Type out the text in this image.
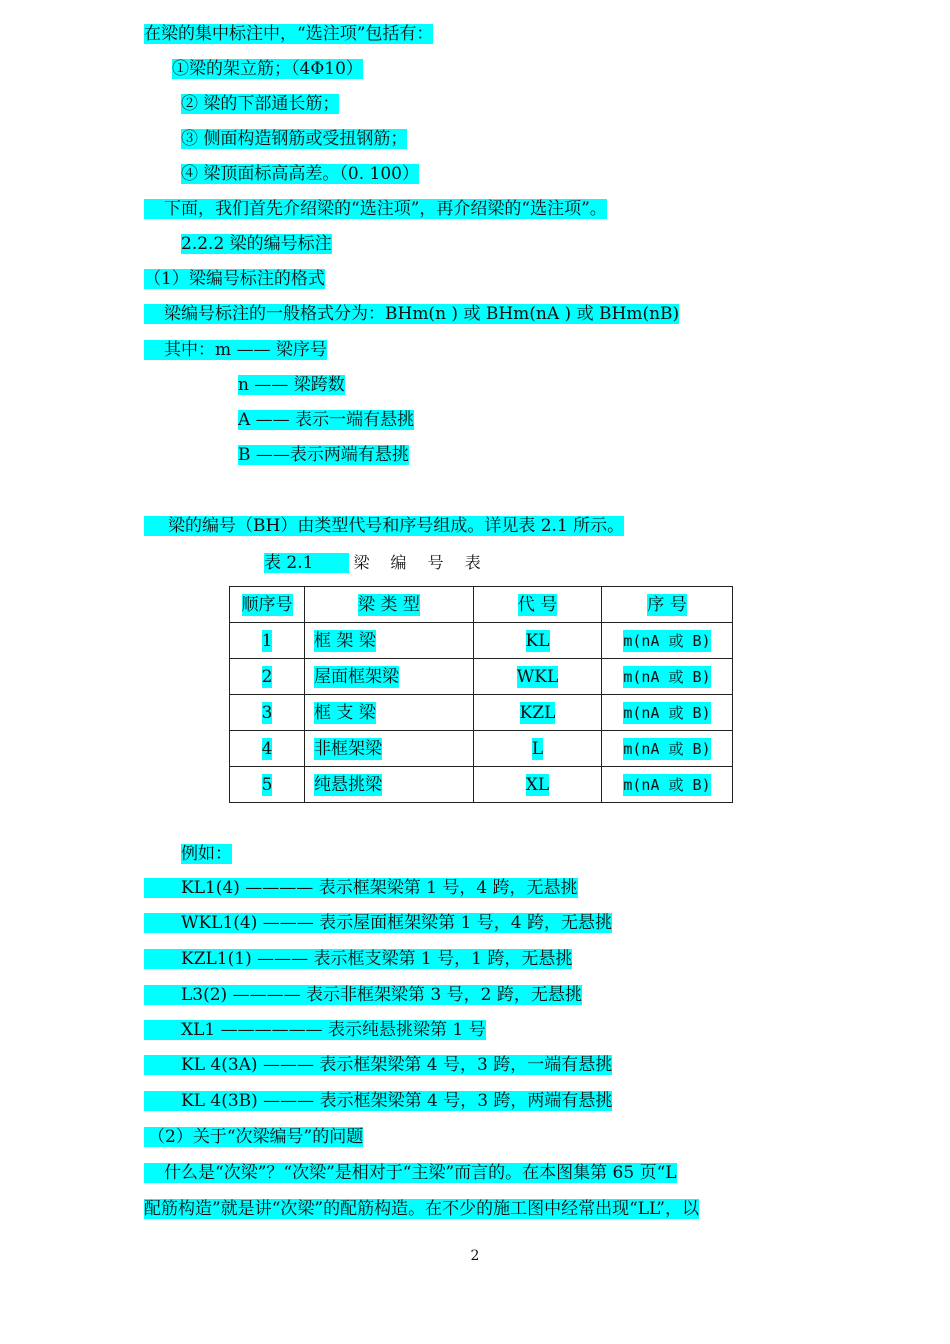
在梁的集中标注中，“选注项”包括有：
①梁的架立筋；（4Φ10）
② 梁的下部通长筋；
③ 侧面构造钢筋或受扭钢筋；
④ 梁顶面标高高差。（0. 100）
下面，我们首先介绍梁的“选注项”，再介绍梁的“选注项”。
2.2.2 梁的编号标注
（1）梁编号标注的格式
梁编号标注的一般格式分为：BHm(n ) 或 BHm(nA ) 或 BHm(nB)
其中：m —— 梁序号
n —— 梁跨数
A —— 表示一端有悬挑
B ——表示两端有悬挑
梁的编号（BH）由类型代号和序号组成。详见表 2.1 所示。
表 2.1	梁 编 号 表
顺序号	梁 类 型	代 号	序 号
1	框 架 梁	KL	m(nA 或 B)
2	屋面框架梁	WKL	m(nA 或 B)
3	框 支 梁	KZL	m(nA 或 B)
4	非框架梁	L	m(nA 或 B)
5	纯悬挑梁	XL	m(nA 或 B)
例如：
KL1(4) ———— 表示框架梁第 1 号，4 跨，无悬挑
WKL1(4) ——— 表示屋面框架梁第 1 号，4 跨，无悬挑
KZL1(1) ——— 表示框支梁第 1 号，1 跨，无悬挑
L3(2) ———— 表示非框架梁第 3 号，2 跨，无悬挑
XL1 —————— 表示纯悬挑梁第 1 号
KL 4(3A) ——— 表示框架梁第 4 号，3 跨，一端有悬挑
KL 4(3B) ——— 表示框架梁第 4 号，3 跨，两端有悬挑
（2）关于“次梁编号”的问题
什么是“次梁”？“次梁”是相对于“主梁”而言的。在本图集第 65 页“L
配筋构造”就是讲“次梁”的配筋构造。在不少的施工图中经常出现“LL”，以
2
